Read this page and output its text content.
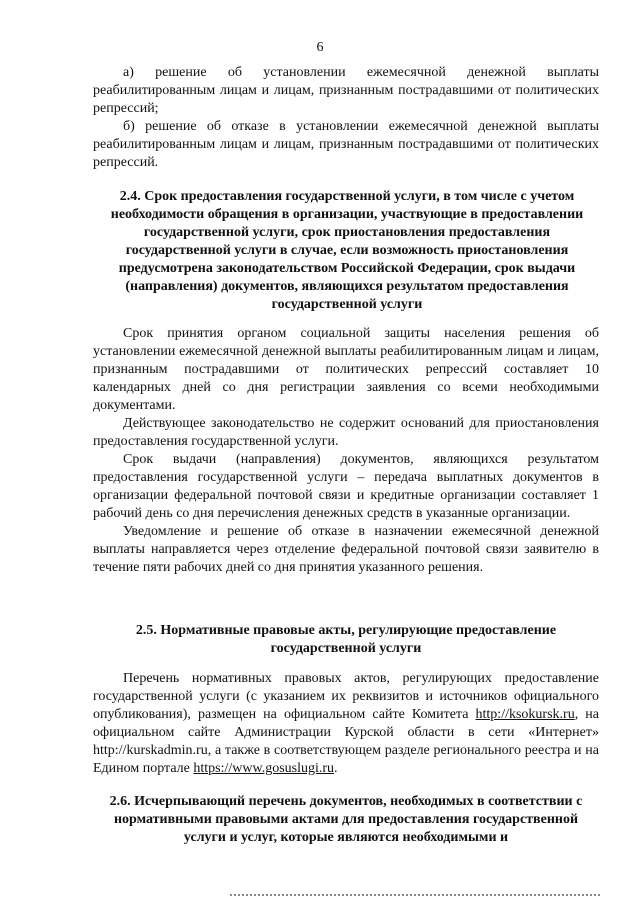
6

а) решение об установлении ежемесячной денежной выплаты реабилитированным лицам и лицам, признанным пострадавшими от политических репрессий;

б) решение об отказе в установлении ежемесячной денежной выплаты реабилитированным лицам и лицам, признанным пострадавшими от политических репрессий.

2.4. Срок предоставления государственной услуги, в том числе с учетом необходимости обращения в организации, участвующие в предоставлении государственной услуги, срок приостановления предоставления государственной услуги в случае, если возможность приостановления предусмотрена законодательством Российской Федерации, срок выдачи (направления) документов, являющихся результатом предоставления государственной услуги

Срок принятия органом социальной защиты населения решения об установлении ежемесячной денежной выплаты реабилитированным лицам и лицам, признанным пострадавшими от политических репрессий составляет 10 календарных дней со дня регистрации заявления со всеми необходимыми документами.

Действующее законодательство не содержит оснований для приостановления предоставления государственной услуги.

Срок выдачи (направления) документов, являющихся результатом предоставления государственной услуги – передача выплатных документов в организации федеральной почтовой связи и кредитные организации составляет 1 рабочий день со дня перечисления денежных средств в указанные организации.

Уведомление и решение об отказе в назначении ежемесячной денежной выплаты направляется через отделение федеральной почтовой связи заявителю в течение пяти рабочих дней со дня принятия указанного решения.

2.5. Нормативные правовые акты, регулирующие предоставление государственной услуги

Перечень нормативных правовых актов, регулирующих предоставление государственной услуги (с указанием их реквизитов и источников официального опубликования), размещен на официальном сайте Комитета http://ksokursk.ru, на официальном сайте Администрации Курской области в сети «Интернет» http://kurskadmin.ru, а также в соответствующем разделе регионального реестра и на Едином портале https://www.gosuslugi.ru.

2.6. Исчерпывающий перечень документов, необходимых в соответствии с нормативными правовыми актами для предоставления государственной услуги и услуг, которые являются необходимыми и
